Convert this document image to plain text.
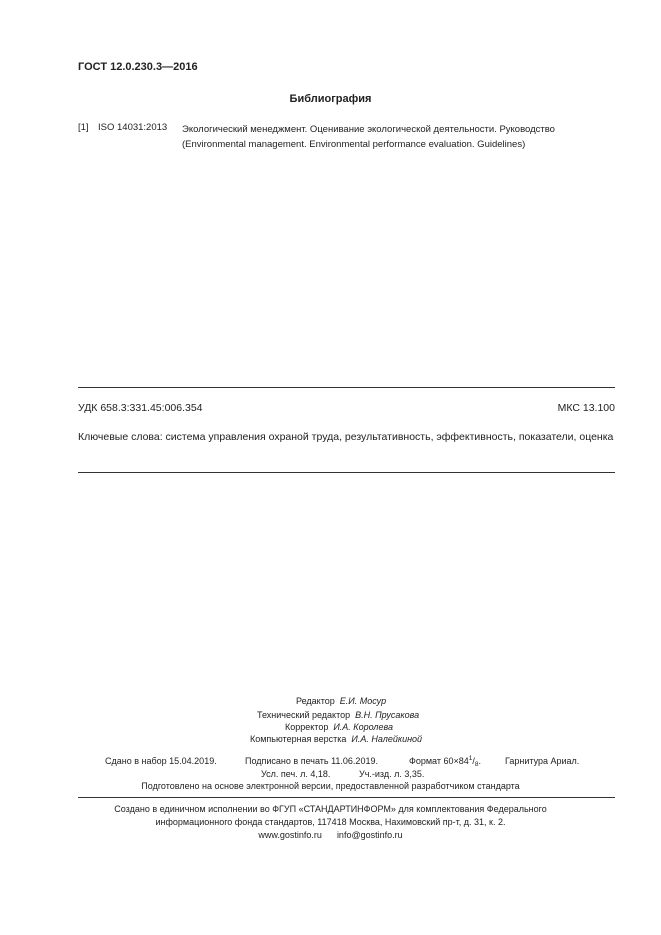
ГОСТ 12.0.230.3—2016
Библиография
[1] ISO 14031:2013 Экологический менеджмент. Оценивание экологической деятельности. Руководство
(Environmental management. Environmental performance evaluation. Guidelines)
УДК 658.3:331.45:006.354	МКС 13.100
Ключевые слова: система управления охраной труда, результативность, эффективность, показатели, оценка
Редактор Е.И. Мосур
Технический редактор В.Н. Прусакова
Корректор И.А. Королева
Компьютерная верстка И.А. Налейкиной
Сдано в набор 15.04.2019.	Подписано в печать 11.06.2019.	Формат $60\times 84^1/_8$.	Гарнитура Ариал.
Усл. печ. л. 4,18.	Уч.-изд. л. 3,35.
Подготовлено на основе электронной версии, предоставленной разработчиком стандарта
Создано в единичном исполнении во ФГУП «СТАНДАРТИНФОРМ» для комплектования Федерального
информационного фонда стандартов, 117418 Москва, Нахимовский пр-т, д. 31, к. 2.
www.gostinfo.ru info@gostinfo.ru
